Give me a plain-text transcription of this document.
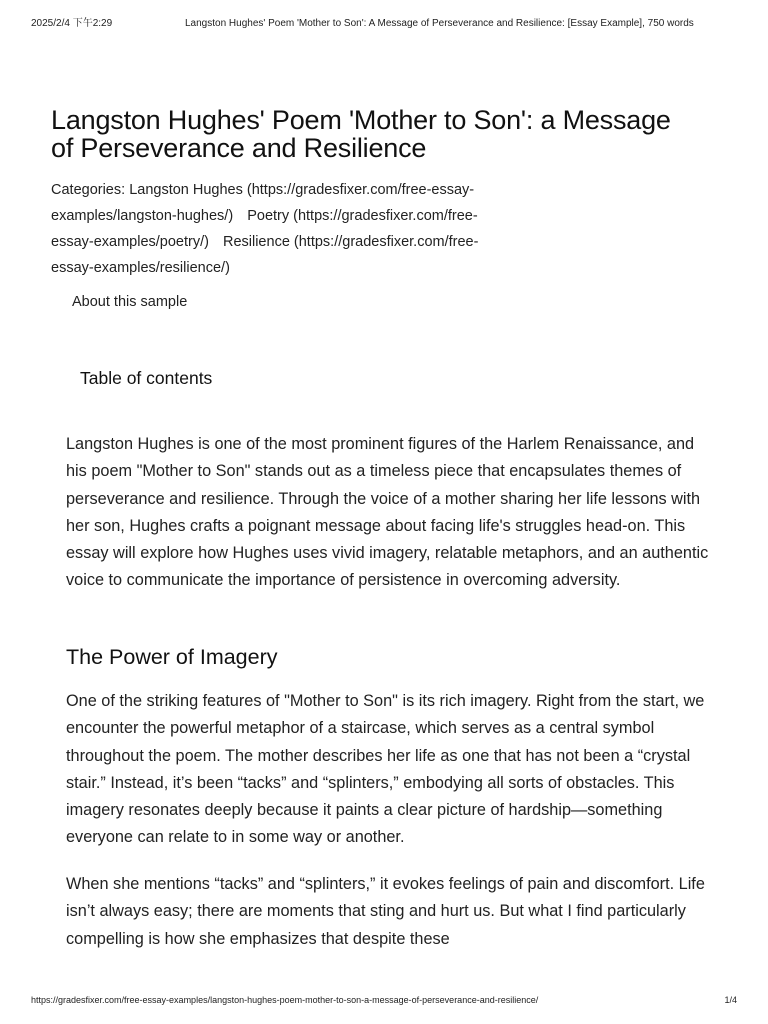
2025/2/4 下午2:29	Langston Hughes' Poem 'Mother to Son': A Message of Perseverance and Resilience: [Essay Example], 750 words
Langston Hughes' Poem 'Mother to Son': a Message of Perseverance and Resilience
Categories: Langston Hughes (https://gradesfixer.com/free-essay-examples/langston-hughes/) Poetry (https://gradesfixer.com/free-essay-examples/poetry/) Resilience (https://gradesfixer.com/free-essay-examples/resilience/)
About this sample
Table of contents

Langston Hughes is one of the most prominent figures of the Harlem Renaissance, and his poem "Mother to Son" stands out as a timeless piece that encapsulates themes of perseverance and resilience. Through the voice of a mother sharing her life lessons with her son, Hughes crafts a poignant message about facing life's struggles head-on. This essay will explore how Hughes uses vivid imagery, relatable metaphors, and an authentic voice to communicate the importance of persistence in overcoming adversity.

The Power of Imagery

One of the striking features of "Mother to Son" is its rich imagery. Right from the start, we encounter the powerful metaphor of a staircase, which serves as a central symbol throughout the poem. The mother describes her life as one that has not been a “crystal stair.” Instead, it’s been “tacks” and “splinters,” embodying all sorts of obstacles. This imagery resonates deeply because it paints a clear picture of hardship—something everyone can relate to in some way or another.

When she mentions “tacks” and “splinters,” it evokes feelings of pain and discomfort. Life isn’t always easy; there are moments that sting and hurt us. But what I find particularly compelling is how she emphasizes that despite these

https://gradesfixer.com/free-essay-examples/langston-hughes-poem-mother-to-son-a-message-of-perseverance-and-resilience/	1/4
